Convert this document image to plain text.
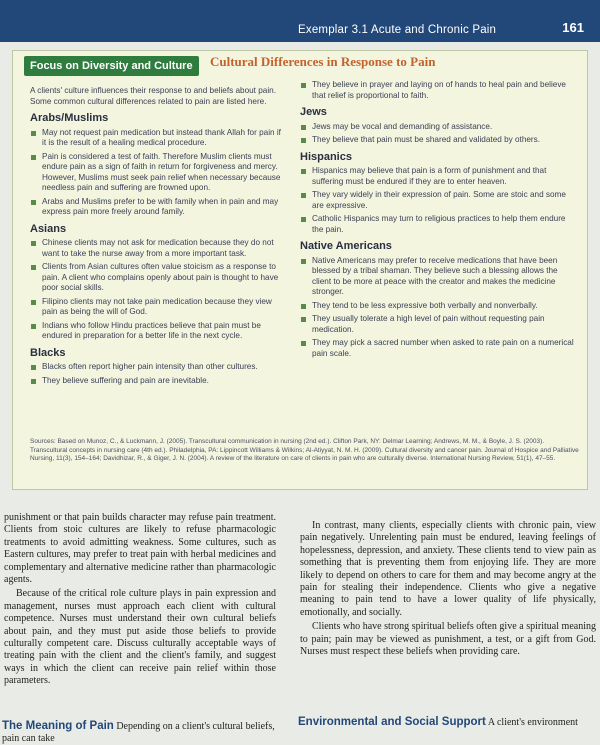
Exemplar 3.1 Acute and Chronic Pain	161
Focus on Diversity and Culture	Cultural Differences in Response to Pain

A clients' culture influences their response to and beliefs about pain. Some common cultural differences related to pain are listed here.

Arabs/Muslims
May not request pain medication but instead thank Allah for pain if it is the result of a healing medical procedure.
Pain is considered a test of faith. Therefore Muslim clients must endure pain as a sign of faith in return for forgiveness and mercy. However, Muslims must seek pain relief when necessary because needless pain and suffering are frowned upon.
Arabs and Muslims prefer to be with family when in pain and may express pain more freely around family.
Asians
Chinese clients may not ask for medication because they do not want to take the nurse away from a more important task.
Clients from Asian cultures often value stoicism as a response to pain. A client who complains openly about pain is thought to have poor social skills.
Filipino clients may not take pain medication because they view pain as being the will of God.
Indians who follow Hindu practices believe that pain must be endured in preparation for a better life in the next cycle.
Blacks
Blacks often report higher pain intensity than other cultures.
They believe suffering and pain are inevitable.
They believe in prayer and laying on of hands to heal pain and believe that relief is proportional to faith.
Jews
Jews may be vocal and demanding of assistance.
They believe that pain must be shared and validated by others.
Hispanics
Hispanics may believe that pain is a form of punishment and that suffering must be endured if they are to enter heaven.
They vary widely in their expression of pain. Some are stoic and some are expressive.
Catholic Hispanics may turn to religious practices to help them endure the pain.
Native Americans
Native Americans may prefer to receive medications that have been blessed by a tribal shaman. They believe such a blessing allows the client to be more at peace with the creator and makes the medicine stronger.
They tend to be less expressive both verbally and nonverbally.
They usually tolerate a high level of pain without requesting pain medication.
They may pick a sacred number when asked to rate pain on a numerical pain scale.
Sources: Based on Munoz, C., & Luckmann, J. (2005). Transcultural communication in nursing (2nd ed.). Clifton Park, NY: Delmar Learning; Andrews, M. M., & Boyle, J. S. (2003). Transcultural concepts in nursing care (4th ed.). Philadelphia, PA: Lippincott Williams & Wilkins; Al-Atiyyat, N. M. H. (2009). Cultural diversity and cancer pain. Journal of Hospice and Palliative Nursing, 11(3), 154–164; Davidhizar, R., & Giger, J. N. (2004). A review of the literature on care of clients in pain who are culturally diverse. International Nursing Review, 51(1), 47–55.

punishment or that pain builds character may refuse pain treatment. Clients from stoic cultures are likely to refuse pharmacologic treatments to avoid admitting weakness. Some cultures, such as Eastern cultures, may prefer to treat pain with herbal medicines and complementary and alternative medicine rather than pharmacologic agents.

Because of the critical role culture plays in pain expression and management, nurses must approach each client with cultural competence. Nurses must understand their own cultural beliefs about pain, and they must put aside those beliefs to provide culturally competent care. Discuss culturally acceptable ways of treating pain with the client and the client's family, and suggest ways in which the client can receive pain relief within those parameters.

The Meaning of Pain Depending on a client's cultural beliefs, pain can take

In contrast, many clients, especially clients with chronic pain, view pain negatively. Unrelenting pain must be endured, leaving feelings of hopelessness, depression, and anxiety. These clients tend to view pain as something that is preventing them from enjoying life. They are more likely to depend on others to care for them and may become angry at the pain for stealing their independence. Clients who give a negative meaning to pain tend to have a lower quality of life physically, emotionally, and socially.

Clients who have strong spiritual beliefs often give a spiritual meaning to pain; pain may be viewed as punishment, a test, or a gift from God. Nurses must respect these beliefs when providing care.

Environmental and Social Support A client's environment
